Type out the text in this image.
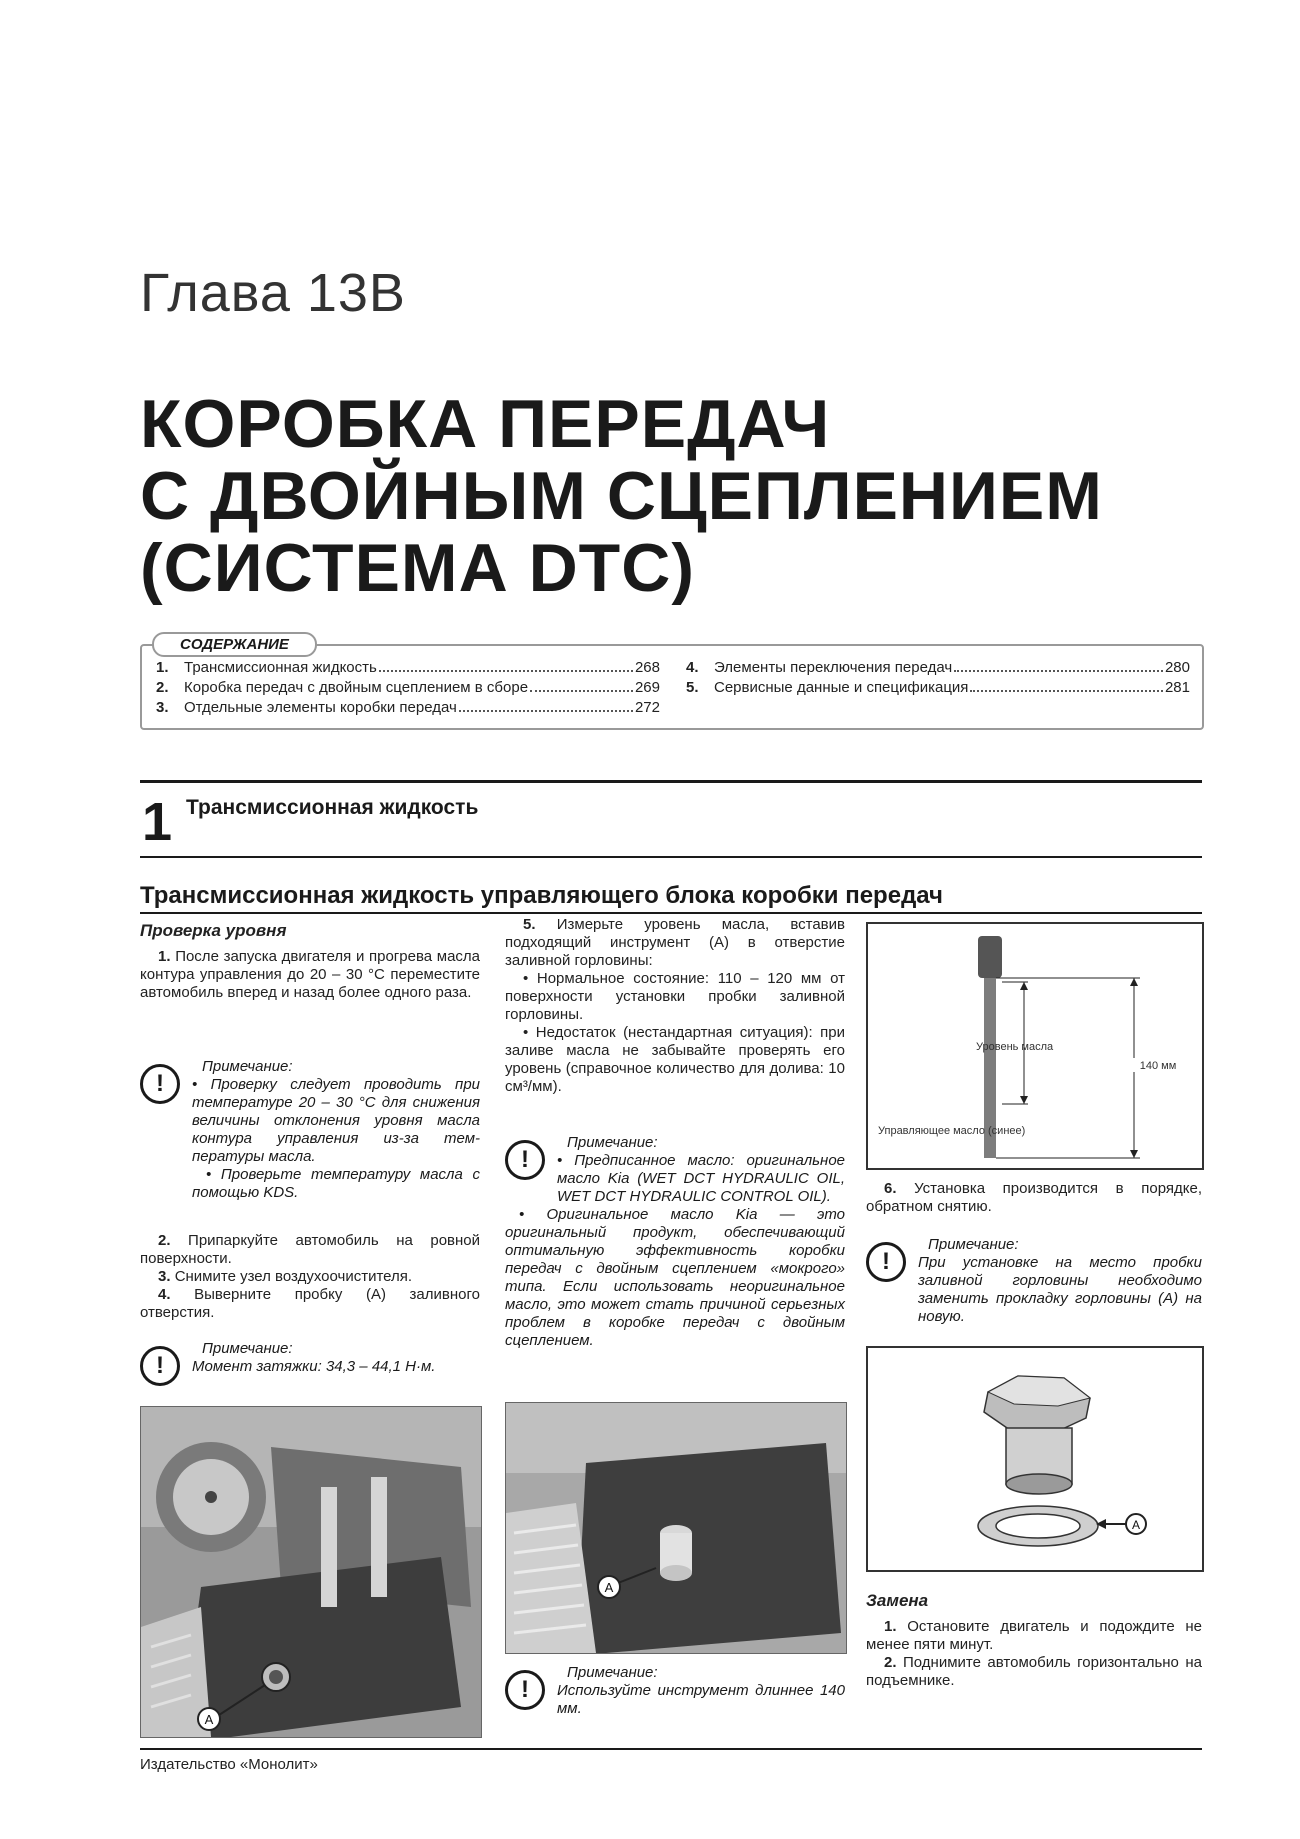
Глава 13В
КОРОБКА ПЕРЕДАЧ
С ДВОЙНЫМ СЦЕПЛЕНИЕМ
(СИСТЕМА DTC)
1.	Трансмиссионная жидкость	268
2.	Коробка передач с двойным сцеплением в сборе	269
3.	Отдельные элементы коробки передач	272
4.	Элементы переключения передач	280
5.	Сервисные данные и спецификация	281
СОДЕРЖАНИЕ
1 Трансмиссионная жидкость
Трансмиссионная жидкость управляющего блока коробки передач

Проверка уровня

1. После запуска двигателя и прогрева масла контура управления до 20 – 30 °С переместите автомобиль вперед и назад более одного раза.

!
Примечание:
• Проверку следует проводить при температуре 20 – 30 °С для снижения величины отклонения уровня масла контура управления из-за температуры масла.
• Проверьте температуру масла с помощью KDS.

2. Припаркуйте автомобиль на ровной поверхности.

3. Снимите узел воздухоочистителя.

4. Выверните пробку (А) заливного отверстия.

!
Примечание:
Момент затяжки: 34,3 – 44,1 Н·м.
A

5. Измерьте уровень масла, вставив подходящий инструмент (А) в отверстие заливной горловины:

• Нормальное состояние: 110 – 120 мм от поверхности установки пробки заливной горловины.

• Недостаток (нестандартная ситуация): при заливе масла не забывайте проверять его уровень (справочное количество для долива: 10 см³/мм).

!
Примечание:
• Предписанное масло: оригинальное масло Kia (WET DCT HYDRAULIC OIL, WET DCT HYDRAULIC CONTROL OIL).
• Оригинальное масло Kia — это оригинальный продукт, обеспечивающий оптимальную эффективность коробки передач с двойным сцеплением «мокрого» типа. Если использовать неоригинальное масло, это может стать причиной серьезных проблем в коробке передач с двойным сцеплением.
A
!
Примечание:
Используйте инструмент длиннее 140 мм.
Уровень масла
140 мм
Управляющее масло (синее)

6. Установка производится в порядке, обратном снятию.

!
Примечание:
При установке на место пробки заливной горловины необходимо заменить прокладку горловины (А) на новую.
A

Замена

1. Остановите двигатель и подождите не менее пяти минут.

2. Поднимите автомобиль горизонтально на подъемнике.

Издательство «Монолит»
